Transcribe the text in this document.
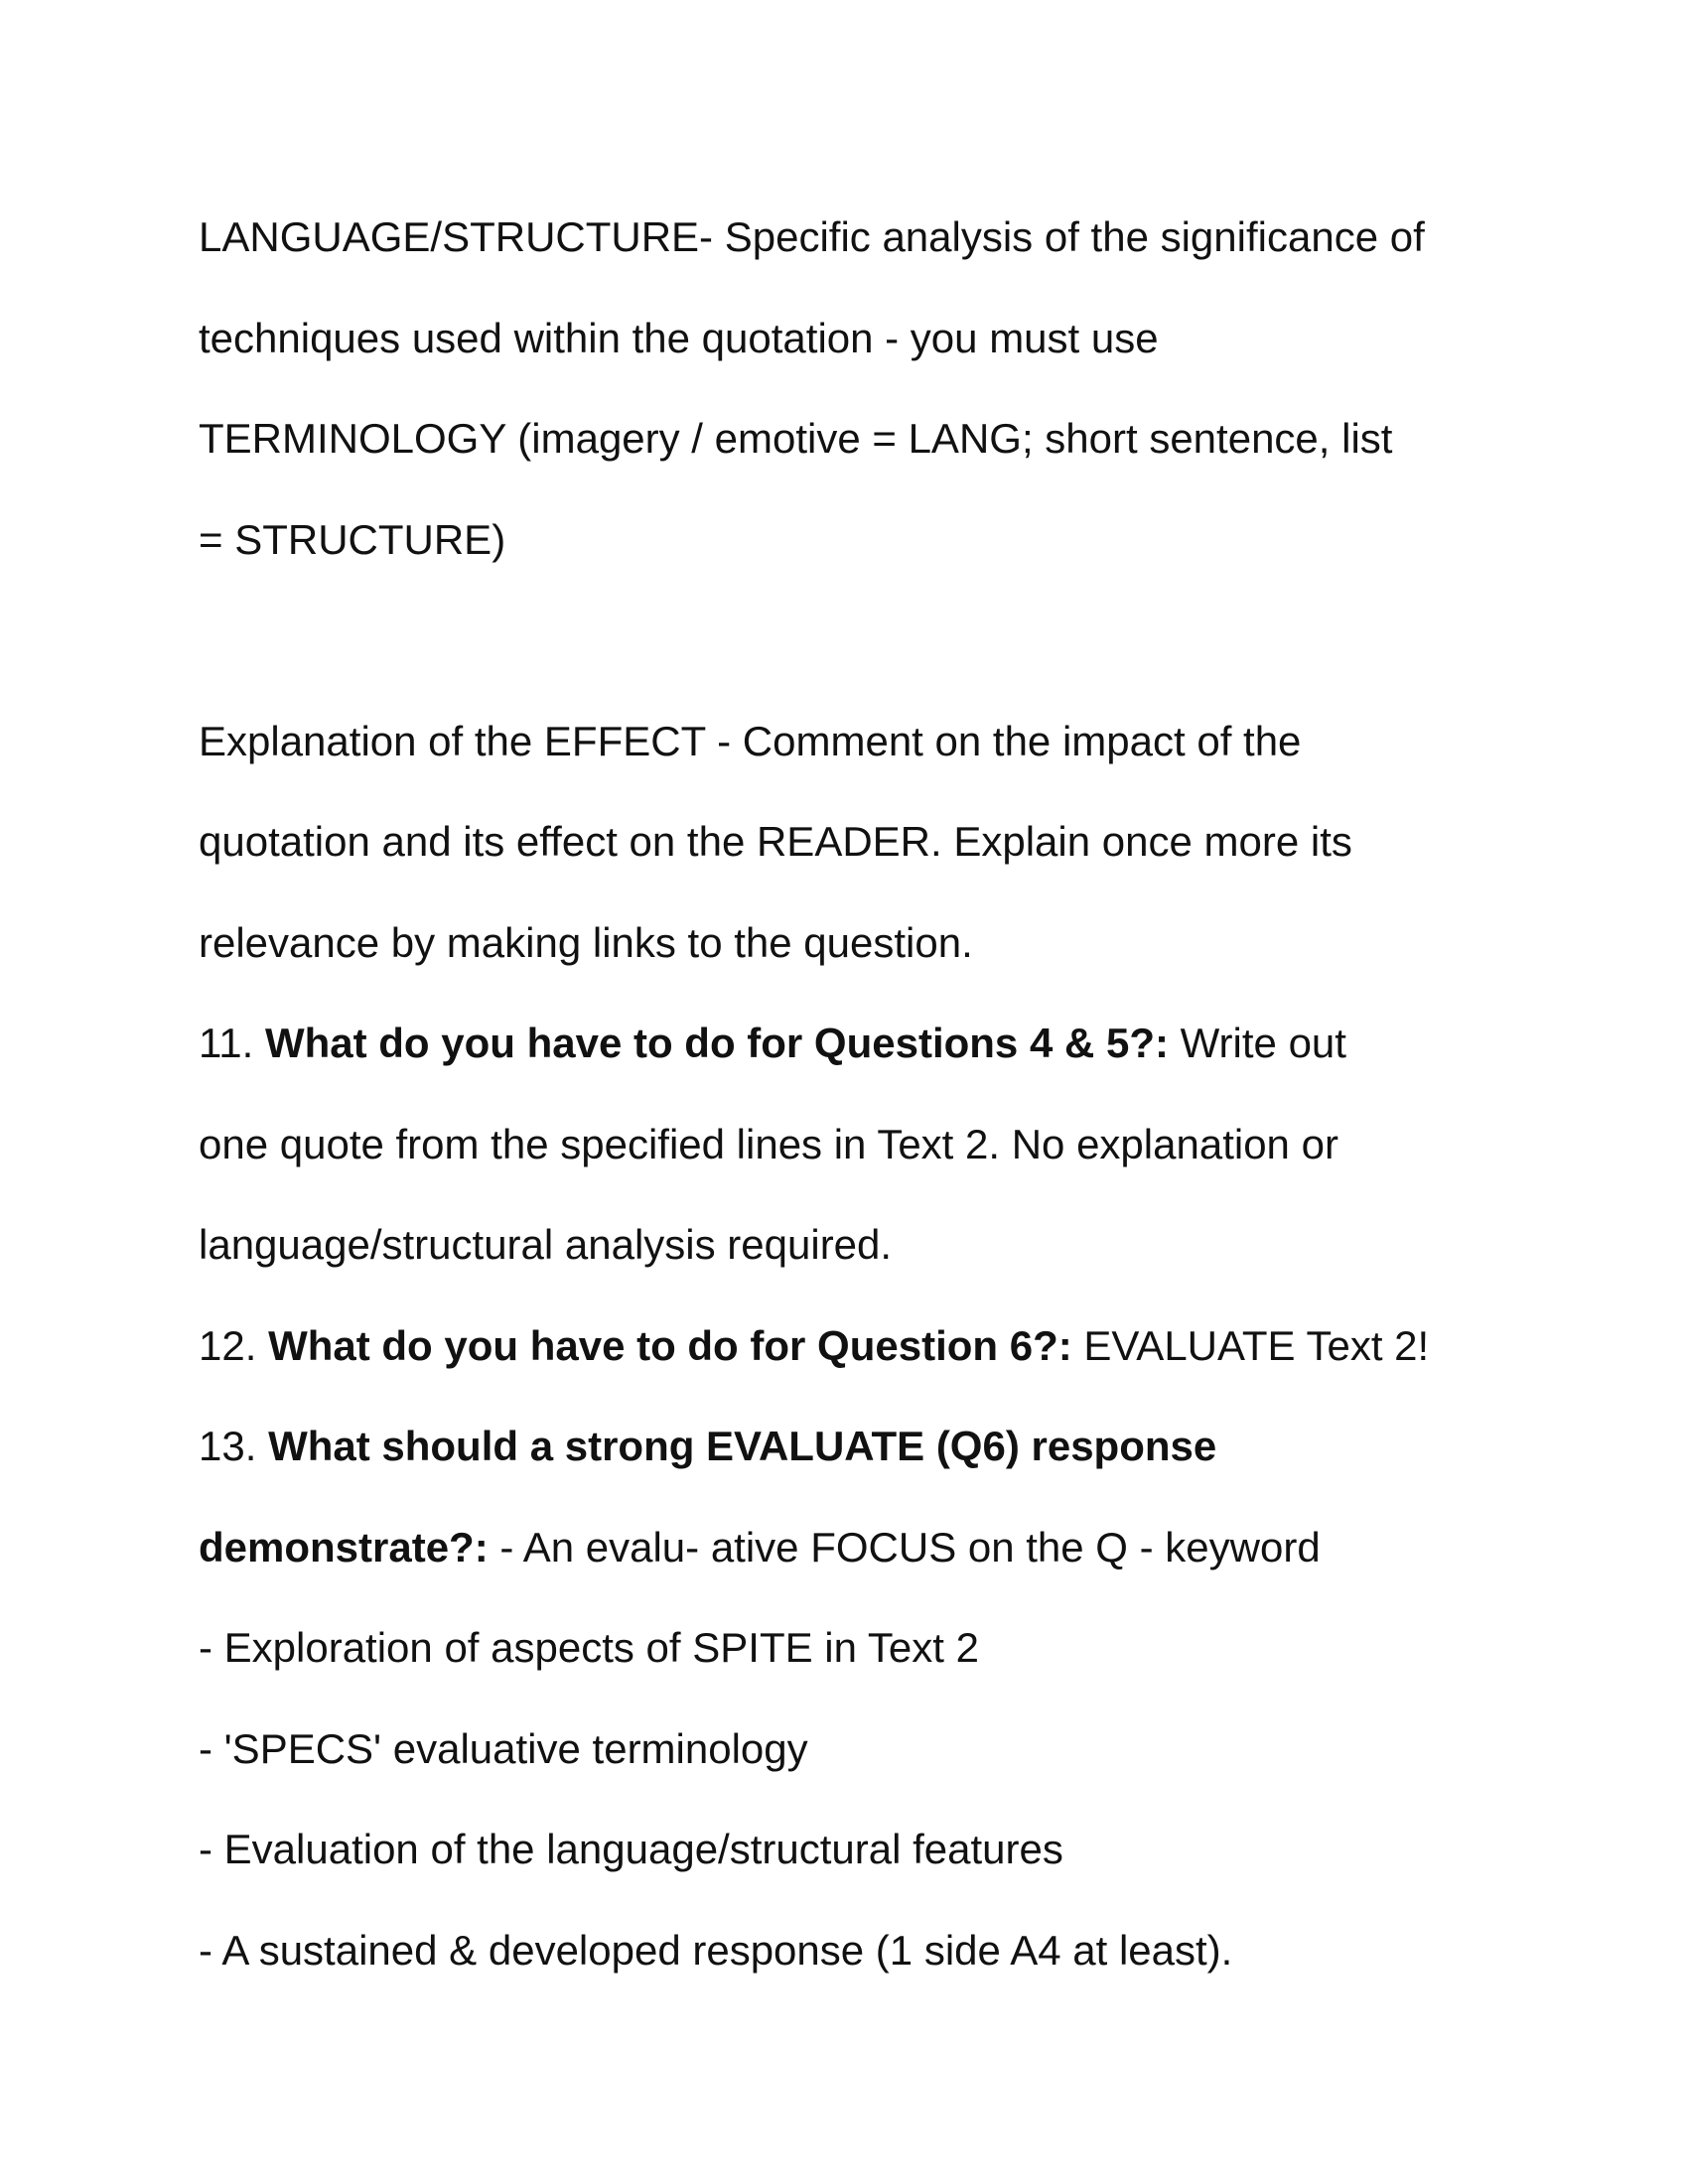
LANGUAGE/STRUCTURE- Specific analysis of the significance of

techniques used within the quotation - you must use

TERMINOLOGY (imagery / emotive = LANG; short sentence, list

= STRUCTURE)

Explanation of the EFFECT - Comment on the impact of the

quotation and its effect on the READER. Explain once more its

relevance by making links to the question.

11. What do you have to do for Questions 4 & 5?: Write out

one quote from the specified lines in Text 2. No explanation or

language/structural analysis required.

12. What do you have to do for Question 6?: EVALUATE Text 2!

13. What should a strong EVALUATE (Q6) response

demonstrate?: - An evalu- ative FOCUS on the Q - keyword

- Exploration of aspects of SPITE in Text 2

- 'SPECS' evaluative terminology

- Evaluation of the language/structural features

- A sustained & developed response (1 side A4 at least).
